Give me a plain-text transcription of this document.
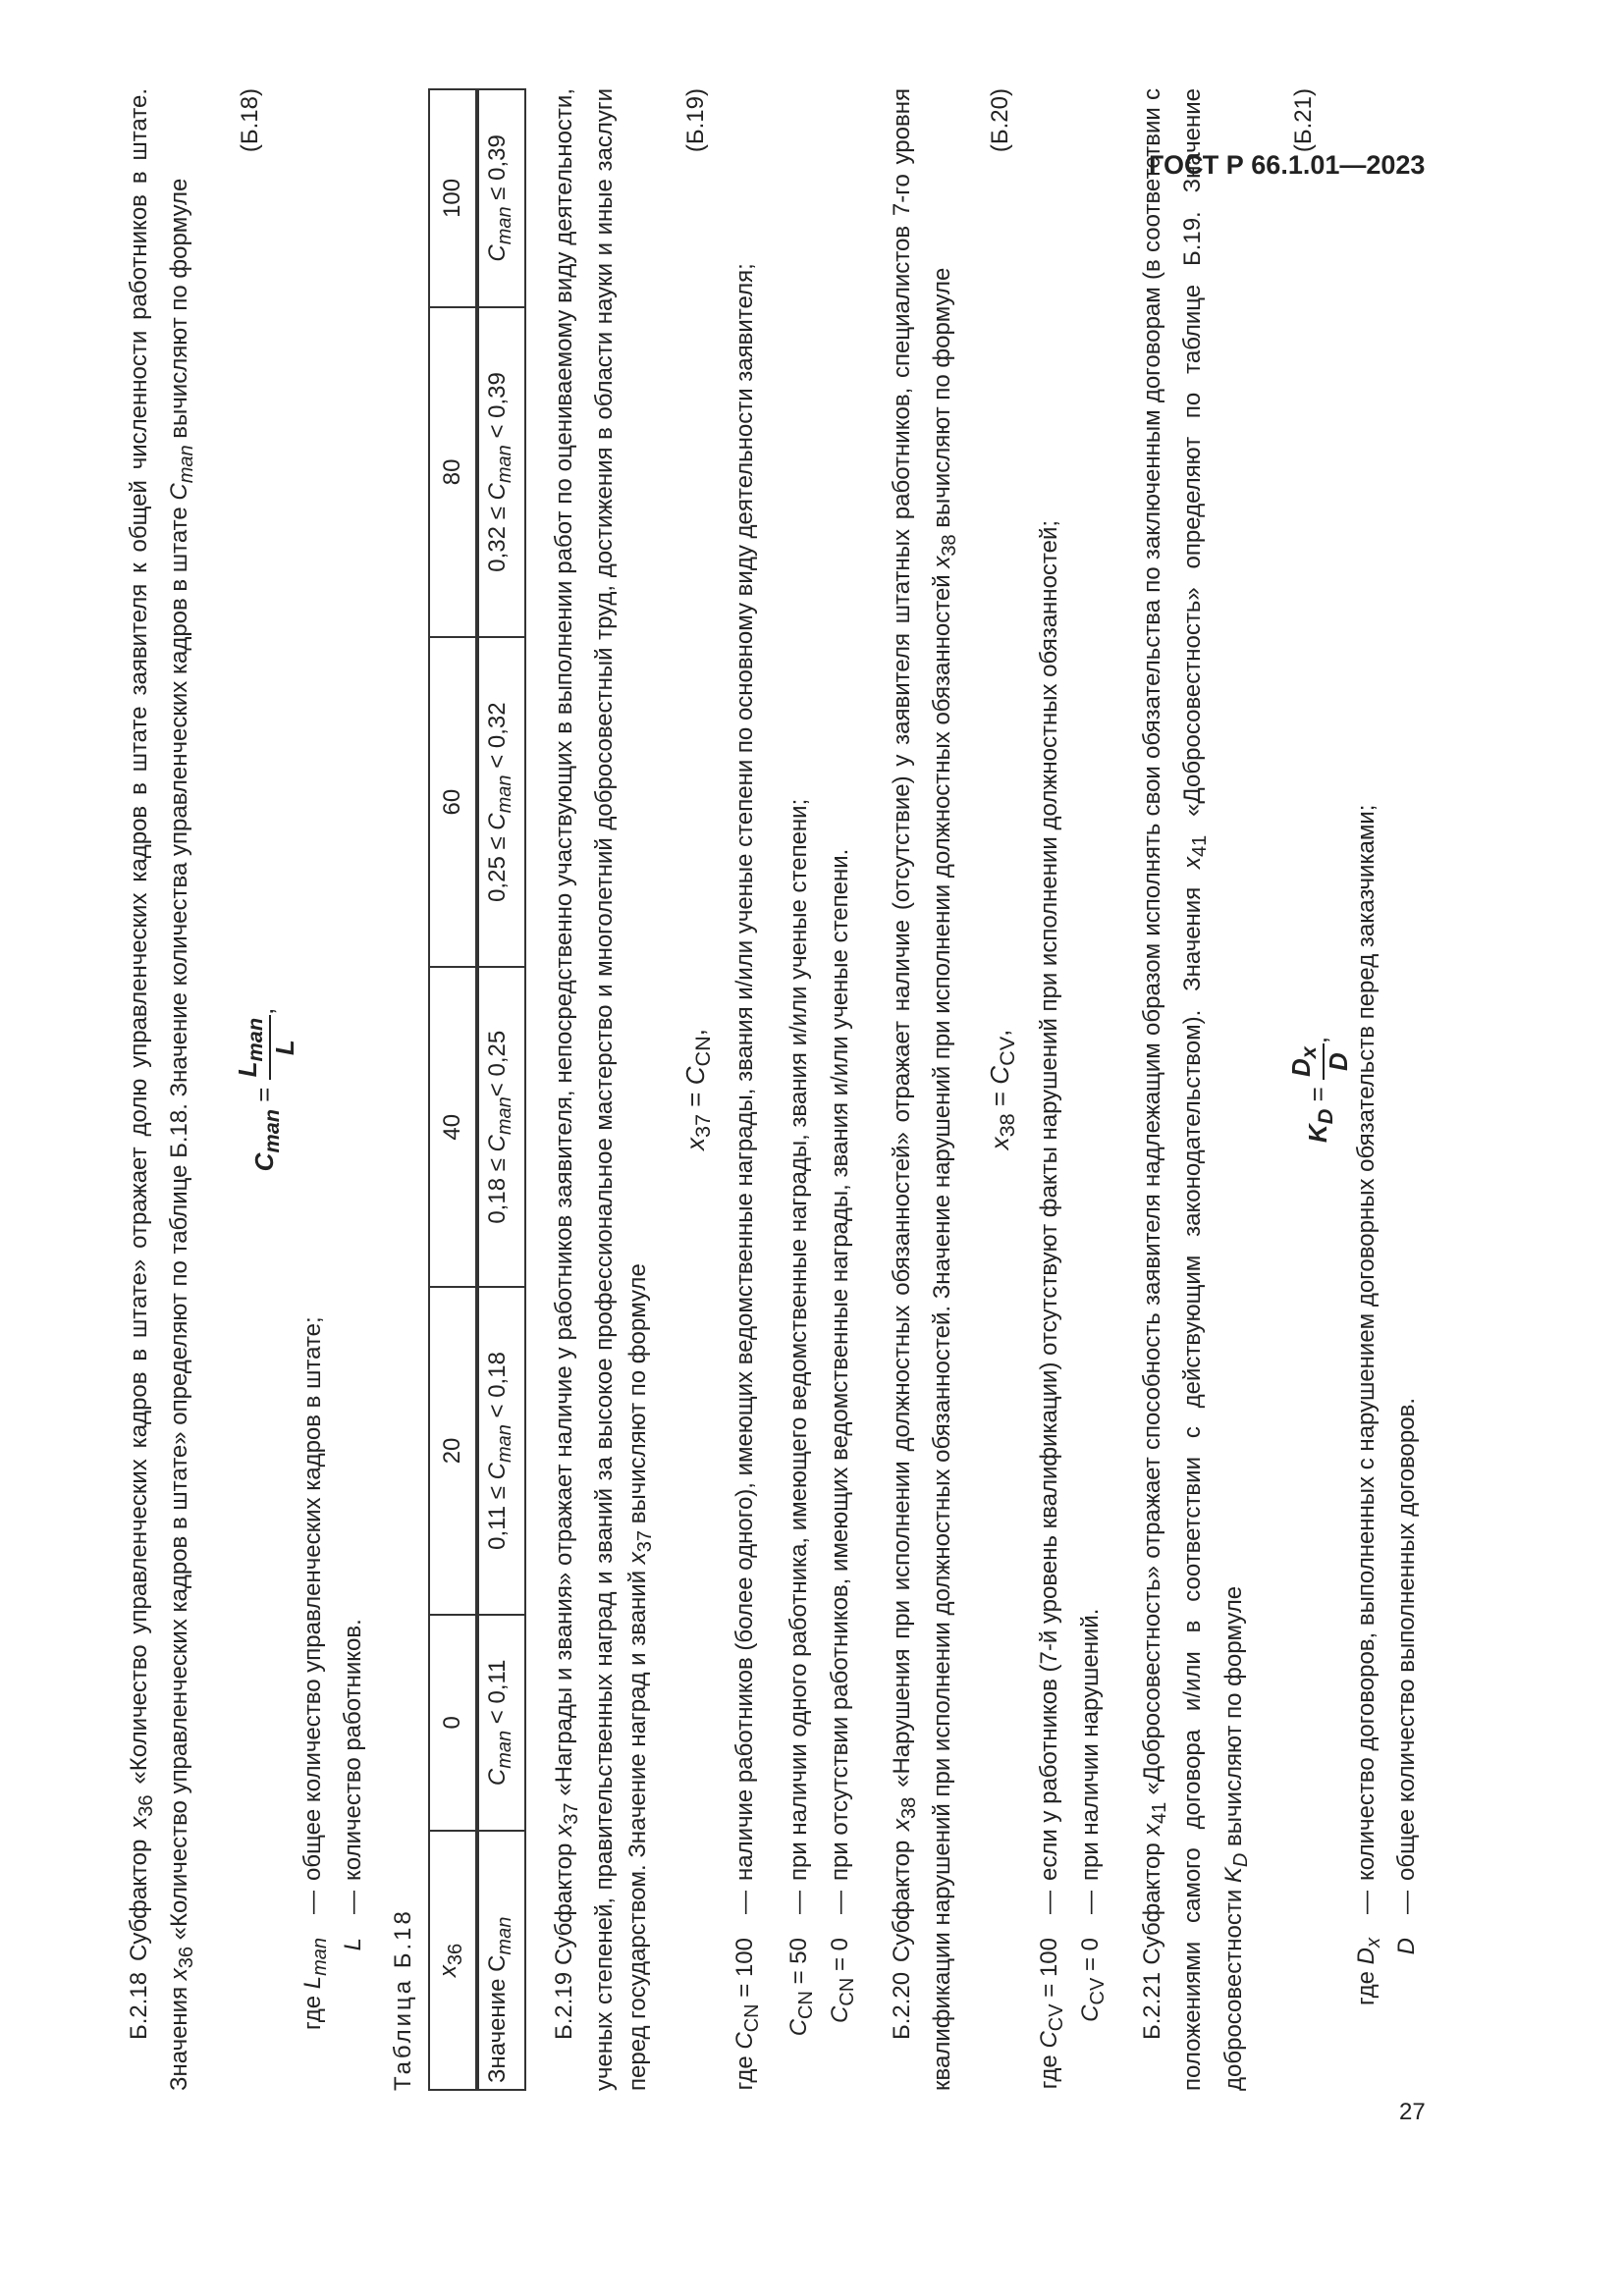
ГОСТ Р 66.1.01—2023
27

Б.2.18 Субфактор $x_{36}$ «Количество управленческих кадров в штате» отражает долю управленческих кадров в штате заявителя к общей численности работников в штате. Значения $x_{36}$ «Количество управленческих кадров в штате» определяют по таблице Б.18. Значение количества управленческих кадров в штате $C_{man}$ вычисляют по формуле

$C_{man}$ =
$L_{man}$ L
,
(Б.18)
где $L_{man}$
—
общее количество управленческих кадров в штате;
L
—
количество работников.

Таблица Б.18 $x_{36}$	0	20	40	60	80	100
Значение $C_{man}$	$C_{man} < 0,11$	$0,11 \le C_{man} < 0,18$	$0,18 \le C_{man}< 0,25$	$0,25 \le C_{man} < 0,32$	$0,32 \le C_{man} < 0,39$	$C_{man} \le 0,39$

Б.2.19 Субфактор $x_{37}$ «Награды и звания» отражает наличие у работников заявителя, непосредственно участвующих в выполнении работ по оцениваемому виду деятельности, ученых степеней, правительственных наград и званий за высокое профессиональное мастерство и многолетний добросовестный труд, достижения в области науки и иные заслуги перед государством. Значение наград и званий $x_{37}$ вычисляют по формуле

$x_{37} = C_{CN}$,
(Б.19)
где $C_{CN} = 100$
—
наличие работников (более одного), имеющих ведомственные награды, звания и/или ученые степени по основному виду деятельности заявителя;
$C_{CN} = 50$
—
при наличии одного работника, имеющего ведомственные награды, звания и/или ученые степени;
$C_{CN} = 0$
—
при отсутствии работников, имеющих ведомственные награды, звания и/или ученые степени.

Б.2.20 Субфактор $x_{38}$ «Нарушения при исполнении должностных обязанностей» отражает наличие (отсутствие) у заявителя штатных работников, специалистов 7-го уровня квалификации нарушений при исполнении должностных обязанностей. Значение нарушений при исполнении должностных обязанностей $x_{38}$ вычисляют по формуле

$x_{38} = C_{CV}$,
(Б.20)
где $C_{CV} = 100$
—
если у работников (7-й уровень квалификации) отсутствуют факты нарушений при исполнении должностных обязанностей;
$C_{CV} = 0$
—
при наличии нарушений.

Б.2.21 Субфактор $x_{41}$ «Добросовестность» отражает способность заявителя надлежащим образом исполнять свои обязательства по заключенным договорам (в соответствии с положениями самого договора и/или в соответствии с действующим законодательством). Значения $x_{41}$ «Добросовестность» определяют по таблице Б.19. Значение добросовестности $K_D$ вычисляют по формуле

$K_D$ =
$D_x$
D
,
(Б.21)
где $D_x$
—
количество договоров, выполненных с нарушением договорных обязательств перед заказчиками;
D
—
общее количество выполненных договоров.
